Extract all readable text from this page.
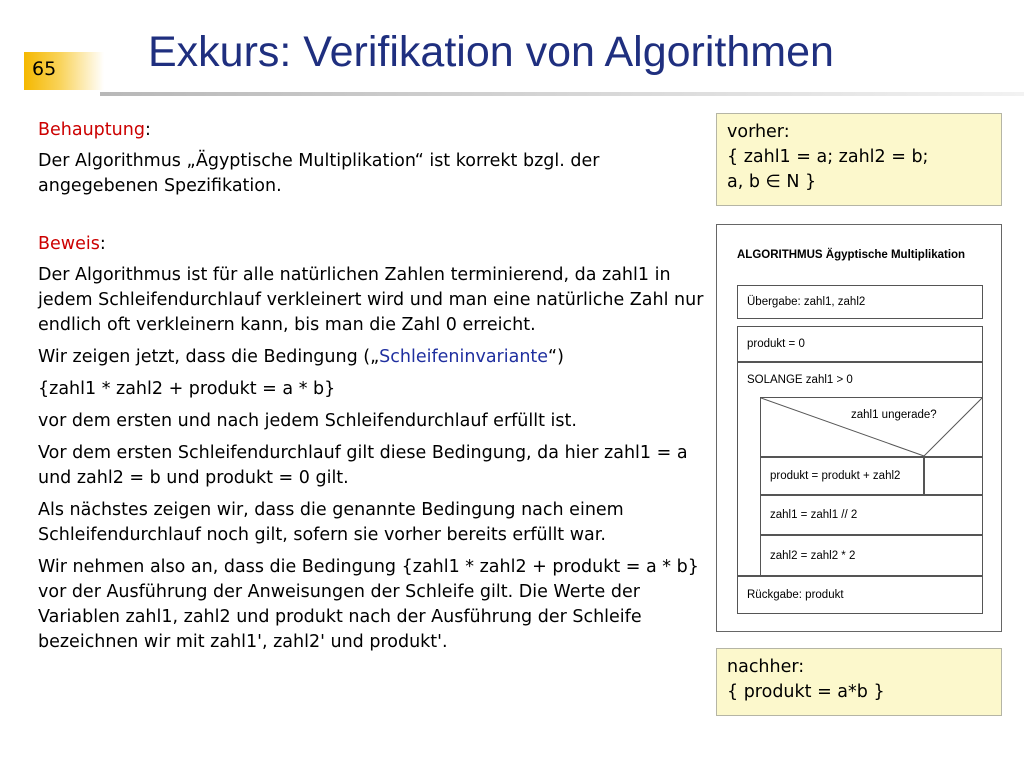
65 Exkurs: Verifikation von Algorithmen

Behauptung:

Der Algorithmus „Ägyptische Multiplikation“ ist korrekt bzgl. der angegebenen Spezifikation.

Beweis:

Der Algorithmus ist für alle natürlichen Zahlen terminierend, da zahl1 in jedem Schleifendurchlauf verkleinert wird und man eine natürliche Zahl nur endlich oft verkleinern kann, bis man die Zahl 0 erreicht.

Wir zeigen jetzt, dass die Bedingung („Schleifeninvariante“)

{zahl1 * zahl2 + produkt = a * b}

vor dem ersten und nach jedem Schleifendurchlauf erfüllt ist.

Vor dem ersten Schleifendurchlauf gilt diese Bedingung, da hier zahl1 = a und zahl2 = b und produkt = 0 gilt.

Als nächstes zeigen wir, dass die genannte Bedingung nach einem Schleifendurchlauf noch gilt, sofern sie vorher bereits erfüllt war.

Wir nehmen also an, dass die Bedingung {zahl1 * zahl2 + produkt = a * b} vor der Ausführung der Anweisungen der Schleife gilt. Die Werte der Variablen zahl1, zahl2 und produkt nach der Ausführung der Schleife bezeichnen wir mit zahl1', zahl2' und produkt'.

vorher:
{ zahl1 = a; zahl2 = b;
a, b ∈ N }
ALGORITHMUS Ägyptische Multiplikation
Übergabe: zahl1, zahl2
produkt = 0
SOLANGE zahl1 > 0
zahl1 ungerade?
produkt = produkt + zahl2
zahl1 = zahl1 // 2
zahl2 = zahl2 * 2
Rückgabe: produkt
nachher:
{ produkt = a*b }
